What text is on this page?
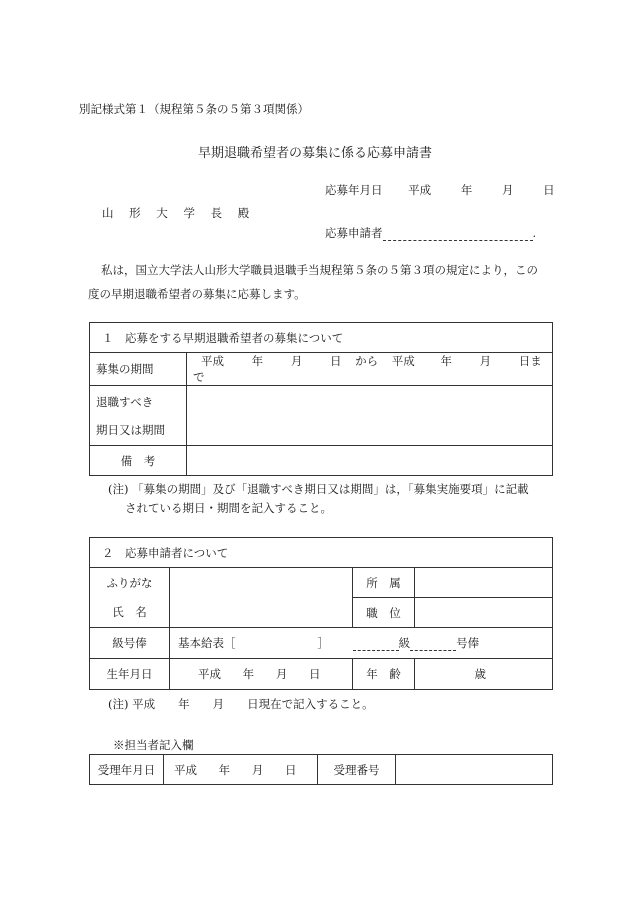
別記様式第１（規程第５条の５第３項関係）
早期退職希望者の募集に係る応募申請書
応募年月日 平成	年	月	日
山 形 大 学 長 殿
応募申請者	.
私は，国立大学法人山形大学職員退職手当規程第５条の５第３項の規定により，この
度の早期退職希望者の募集に応募します。
１　応募をする早期退職希望者の募集について	
募集の期間	平成 年 月 日 から 平成 年 月 日まで

退職すべき
期日又は期間	

備　考	
(注) 「募集の期間」及び「退職すべき期日又は期間」は，「募集実施要項」に記載
されている期日・期間を記入すること。
２　応募申請者について			
ふりがな		所　属	
氏　名		職　位	
級号俸	基本給表［ ］ 級 号俸		
生年月日	平成 年 月 日	年　齢	歳
(注) 平成　　年　　月　　日現在で記入すること。
※担当者記入欄
受理年月日	平成 年 月 日	受理番号	
